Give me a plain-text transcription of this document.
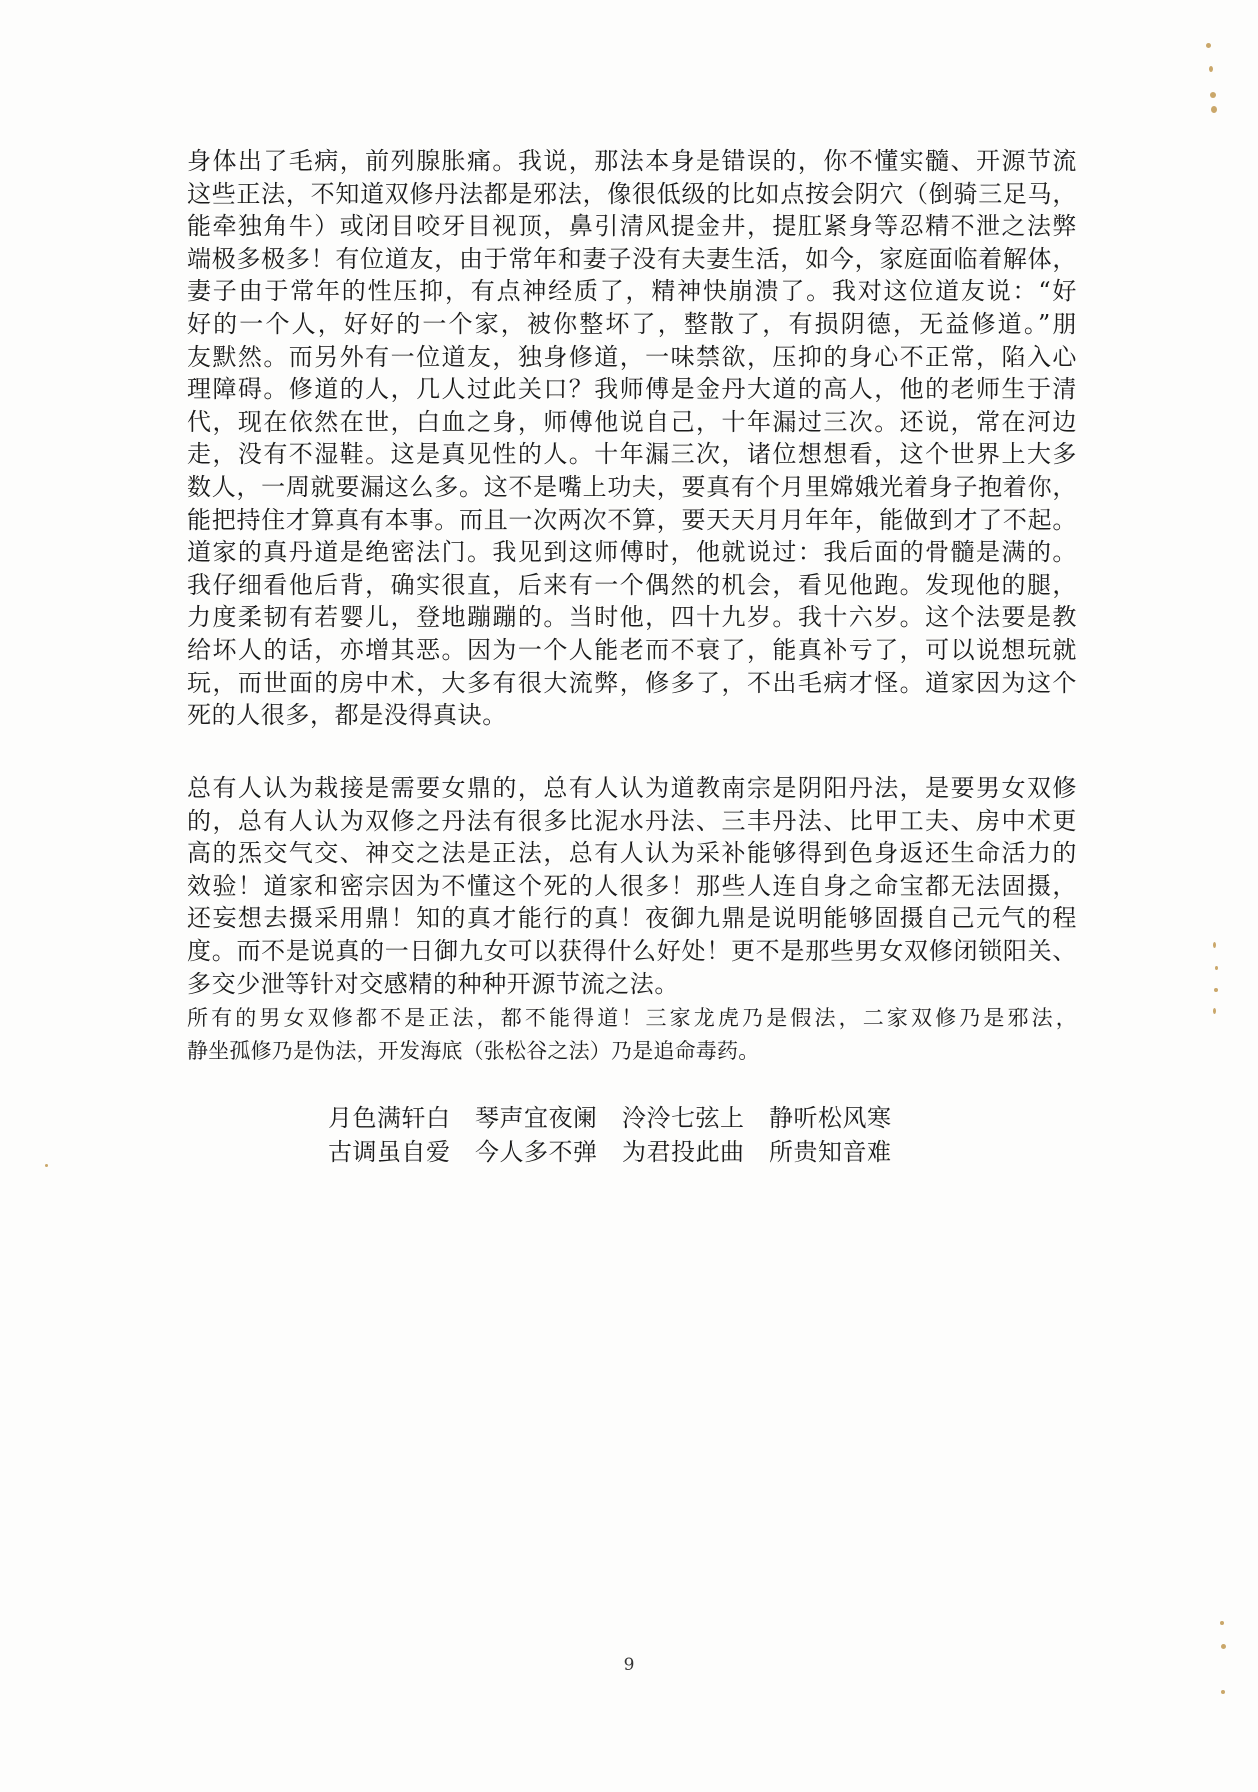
身体出了毛病，前列腺胀痛。我说，那法本身是错误的，你不懂实髓、开源节流
这些正法，不知道双修丹法都是邪法，像很低级的比如点按会阴穴（倒骑三足马，
能牵独角牛）或闭目咬牙目视顶，鼻引清风提金井，提肛紧身等忍精不泄之法弊
端极多极多！有位道友，由于常年和妻子没有夫妻生活，如今，家庭面临着解体，
妻子由于常年的性压抑，有点神经质了，精神快崩溃了。我对这位道友说：“好
好的一个人，好好的一个家，被你整坏了，整散了，有损阴德，无益修道。”朋
友默然。而另外有一位道友，独身修道，一味禁欲，压抑的身心不正常，陷入心
理障碍。修道的人，几人过此关口？我师傅是金丹大道的高人，他的老师生于清
代，现在依然在世，白血之身，师傅他说自己，十年漏过三次。还说，常在河边
走，没有不湿鞋。这是真见性的人。十年漏三次，诸位想想看，这个世界上大多
数人，一周就要漏这么多。这不是嘴上功夫，要真有个月里嫦娥光着身子抱着你，
能把持住才算真有本事。而且一次两次不算，要天天月月年年，能做到才了不起。
道家的真丹道是绝密法门。我见到这师傅时，他就说过：我后面的骨髓是满的。
我仔细看他后背，确实很直，后来有一个偶然的机会，看见他跑。发现他的腿，
力度柔韧有若婴儿，登地蹦蹦的。当时他，四十九岁。我十六岁。这个法要是教
给坏人的话，亦增其恶。因为一个人能老而不衰了，能真补亏了，可以说想玩就
玩，而世面的房中术，大多有很大流弊，修多了，不出毛病才怪。道家因为这个
死的人很多，都是没得真诀。
总有人认为栽接是需要女鼎的，总有人认为道教南宗是阴阳丹法，是要男女双修
的，总有人认为双修之丹法有很多比泥水丹法、三丰丹法、比甲工夫、房中术更
高的炁交气交、神交之法是正法，总有人认为采补能够得到色身返还生命活力的
效验！道家和密宗因为不懂这个死的人很多！那些人连自身之命宝都无法固摄，
还妄想去摄采用鼎！知的真才能行的真！夜御九鼎是说明能够固摄自己元气的程
度。而不是说真的一日御九女可以获得什么好处！更不是那些男女双修闭锁阳关、
多交少泄等针对交感精的种种开源节流之法。
所有的男女双修都不是正法，都不能得道！三家龙虎乃是假法，二家双修乃是邪法，
静坐孤修乃是伪法，开发海底（张松谷之法）乃是追命毒药。
月色满轩白　琴声宜夜阑　泠泠七弦上　静听松风寒
古调虽自爱　今人多不弹　为君投此曲　所贵知音难
9
